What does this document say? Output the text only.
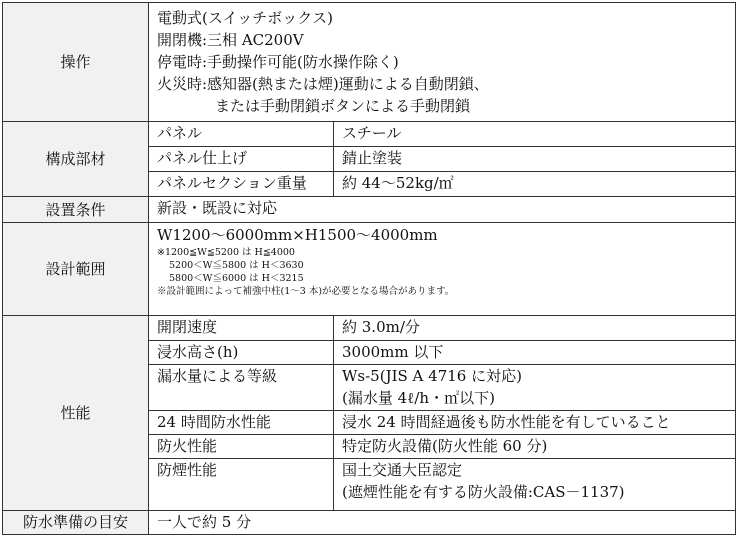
操作	電動式(スイッチボックス)
開閉機:三相 AC200V
停電時:手動操作可能(防水操作除く)
火災時:感知器(熱または煙)運動による自動閉鎖、
または手動閉鎖ボタンによる手動閉鎖	

構成部材	パネル	スチール
	パネル仕上げ	錆止塗装
	パネルセクション重量	約 44～52kg/㎡
設置条件	新設・既設に対応	
設計範囲	W1200～6000mm×H1500～4000mm
※1200≦W≦5200 は H≦4000
5200＜W≦5800 は H＜3630
5800＜W≦6000 は H＜3215
※設計範囲によって補強中柱(1～3 本)が必要となる場合があります。	

性能	開閉速度	約 3.0m/分
	浸水高さ(h)	3000mm 以下
	漏水量による等級	Ws-5(JIS A 4716 に対応)
(漏水量 4ℓ/h・㎡以下)

	24 時間防水性能	浸水 24 時間経過後も防水性能を有していること
	防火性能	特定防火設備(防火性能 60 分)
	防煙性能	国土交通大臣認定
(遮煙性能を有する防火設備:CAS－1137)

防水準備の目安	一人で約 5 分	
